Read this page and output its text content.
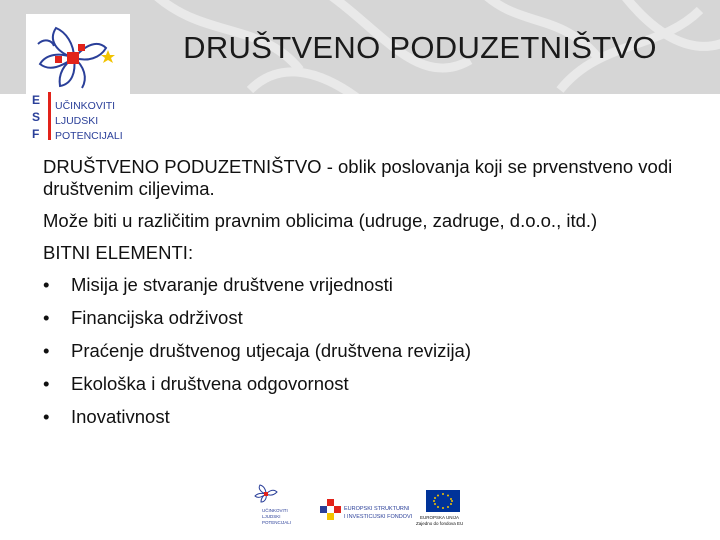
E
S
F
UČINKOVITI
LJUDSKI
POTENCIJALI
DRUŠTVENO PODUZETNIŠTVO

DRUŠTVENO PODUZETNIŠTVO - oblik poslovanja koji se prvenstveno vodi društvenim ciljevima.

Može biti u različitim pravnim oblicima (udruge, zadruge, d.o.o., itd.)

BITNI ELEMENTI:

• Misija je stvaranje društvene vrijednosti
• Financijska održivost
• Praćenje društvenog utjecaja (društvena revizija)
• Ekološka i društvena odgovornost
• Inovativnost
UČINKOVITI
LJUDSKI
POTENCIJALI
EUROPSKI STRUKTURNI
I INVESTICIJSKI FONDOVI EUROPSKA UNIJA
Zajedno do fondova EU
